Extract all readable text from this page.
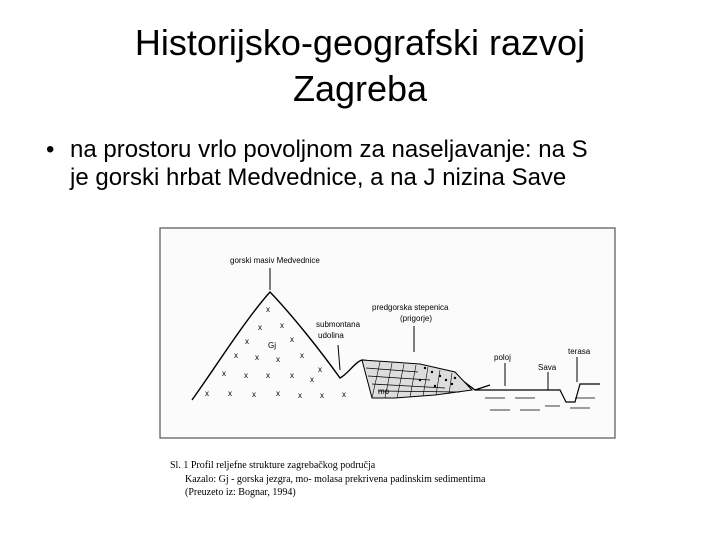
Historijsko-geografski razvoj
Zagreba
• na prostoru vrlo povoljnom za naseljavanje: na S
je gorski hrbat Medvednice, a na J nizina Save
x
x x
x	x
x
x x x
x
x x x	x x
x x	x	x x x x
gorski masiv Medvednice
Gj
submontana
udolina
predgorska stepenica
(prigorje)
poloj
Sava
terasa
mo
Sl. 1 Profil reljefne strukture zagrebačkog područja
Kazalo: Gj - gorska jezgra, mo- molasa prekrivena padinskim sedimentima
(Preuzeto iz: Bognar, 1994)
